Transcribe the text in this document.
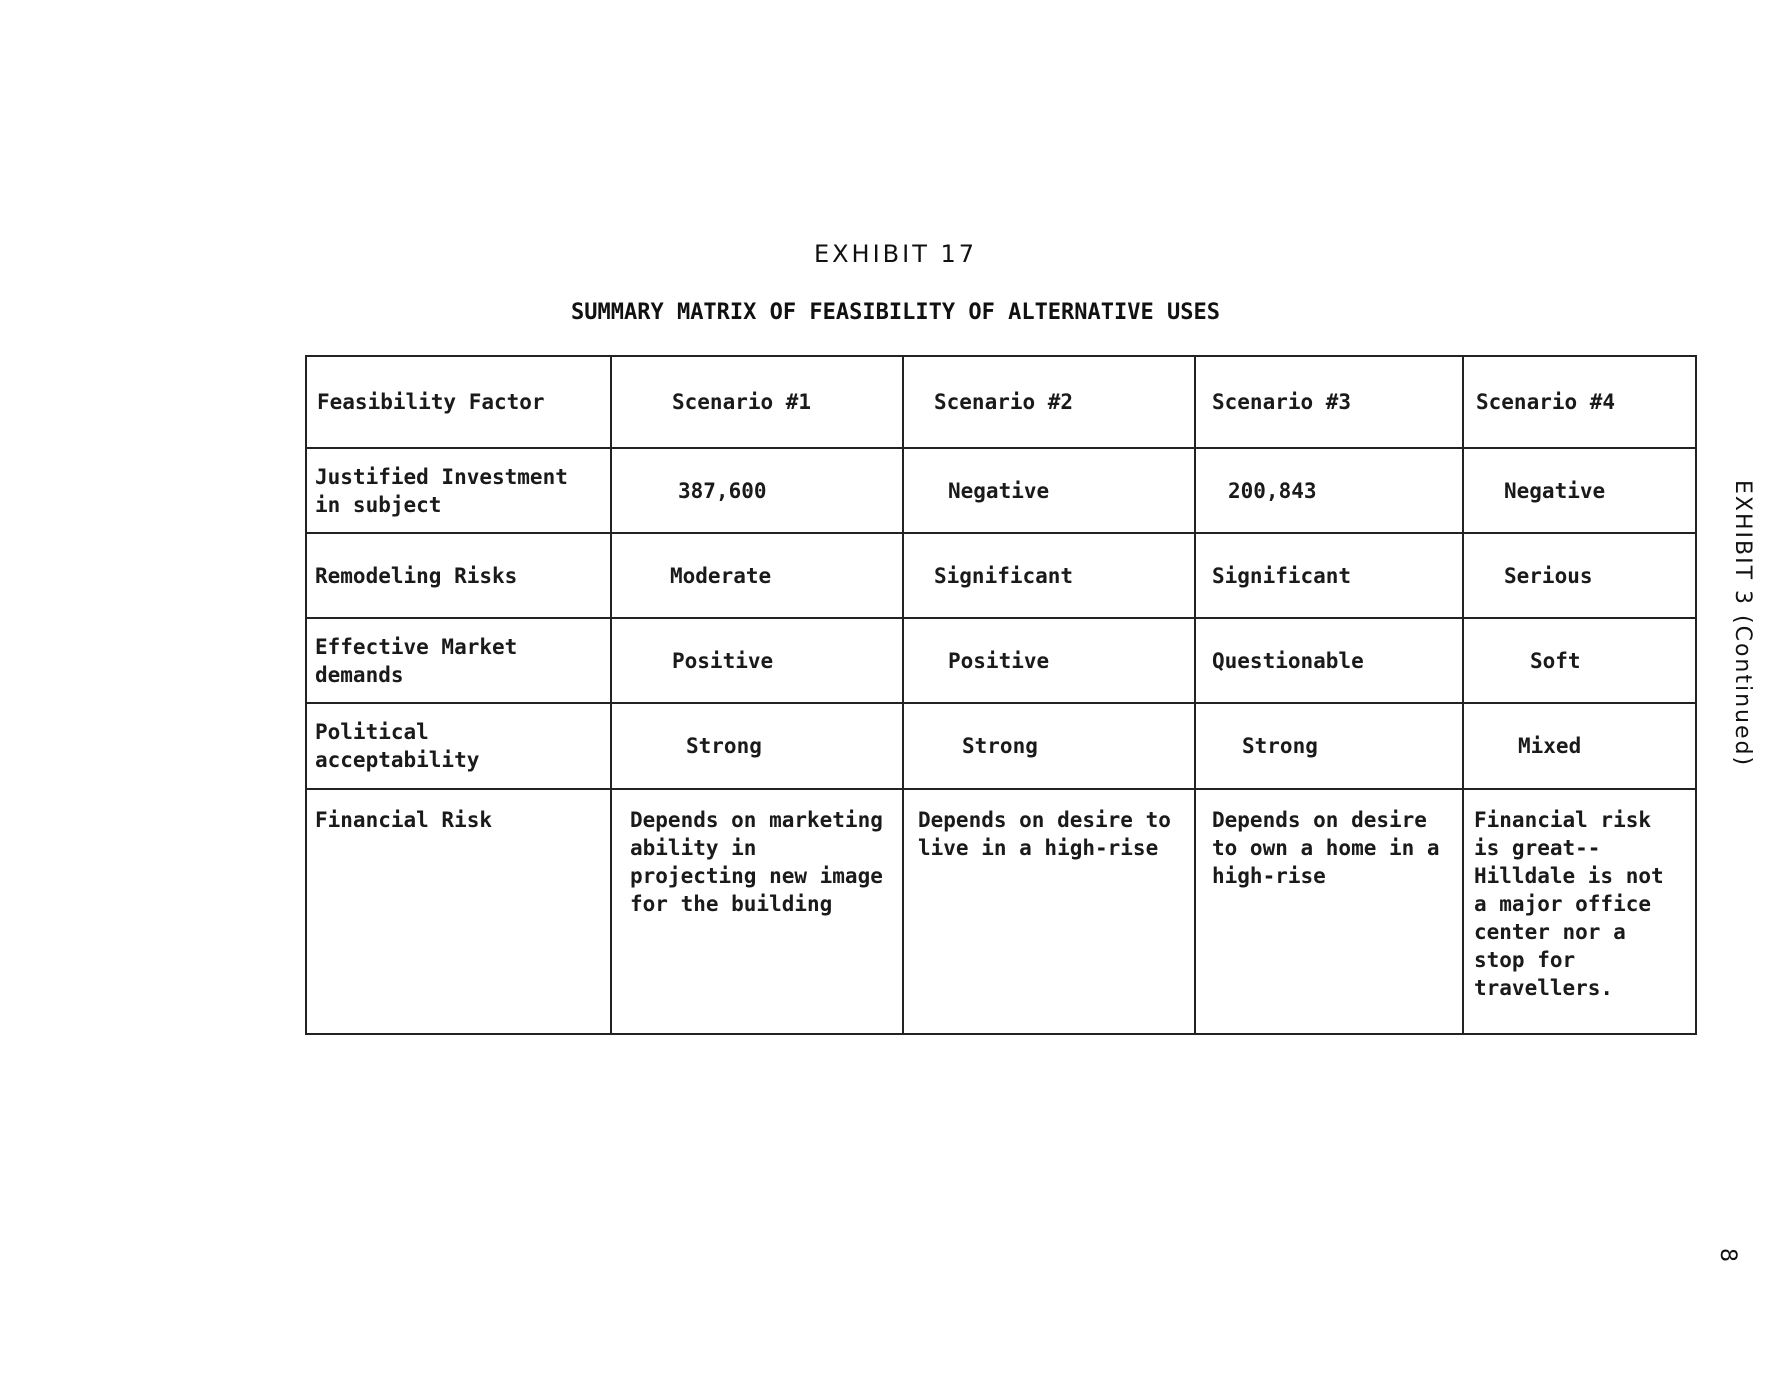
EXHIBIT 17
SUMMARY MATRIX OF FEASIBILITY OF ALTERNATIVE USES
Feasibility Factor	Scenario #1	Scenario #2	Scenario #3	Scenario #4
Justified Investment in subject	387,600	Negative	200,843	Negative
Remodeling Risks	Moderate	Significant	Significant	Serious
Effective Market demands	Positive	Positive	Questionable	Soft
Political acceptability	Strong	Strong	Strong	Mixed
Financial Risk	Depends on marketing ability in projecting new image for the building	Depends on desire to live in a high-rise	Depends on desire to own a home in a high-rise	Financial risk is great--Hilldale is not a major office center nor a stop for travellers.
EXHIBIT 3 (Continued)
8
